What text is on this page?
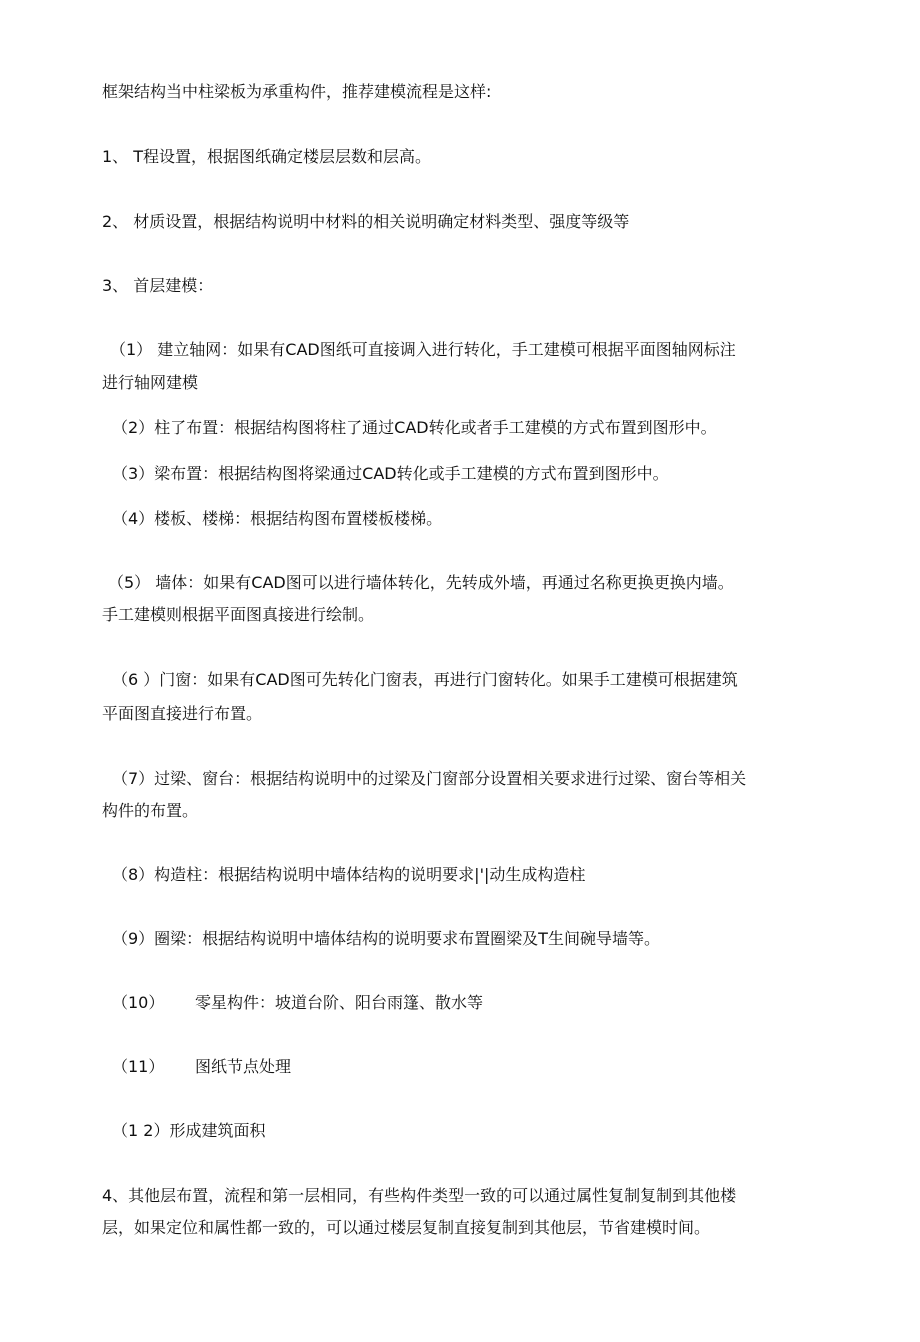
框架结构当中柱梁板为承重构件，推荐建模流程是这样:
1、 T程设置，根据图纸确定楼层层数和层高。
2、 材质设置，根据结构说明中材料的相关说明确定材料类型、强度等级等
3、 首层建模：
（1） 建立轴网：如果有CAD图纸可直接调入进行转化，手工建模可根据平面图轴网标注
进行轴网建模
（2）柱了布置：根据结构图将柱了通过CAD转化或者手工建模的方式布置到图形中。
（3）梁布置：根据结构图将梁通过CAD转化或手工建模的方式布置到图形中。
（4）楼板、楼梯：根据结构图布置楼板楼梯。
（5） 墙体：如果有CAD图可以进行墙体转化，先转成外墙，再通过名称更换更换内墙。
手工建模则根据平面图真接进行绘制。
（6 ）门窗：如果有CAD图可先转化门窗表，再进行门窗转化。如果手工建模可根据建筑
平面图直接进行布置。
（7）过梁、窗台：根据结构说明中的过梁及门窗部分设置相关要求进行过梁、窗台等相关
构件的布置。
（8）构造柱：根据结构说明中墙体结构的说明要求|'|动生成构造柱
（9）圈梁：根据结构说明中墙体结构的说明要求布置圈梁及T生间碗导墙等。
（10） 零星构件：坡道台阶、阳台雨篷、散水等
（11） 图纸节点处理
（1 2）形成建筑面积
4、其他层布置，流程和第一层相同，有些构件类型一致的可以通过属性复制复制到其他楼
层，如果定位和属性都一致的，可以通过楼层复制直接复制到其他层，节省建模时间。
